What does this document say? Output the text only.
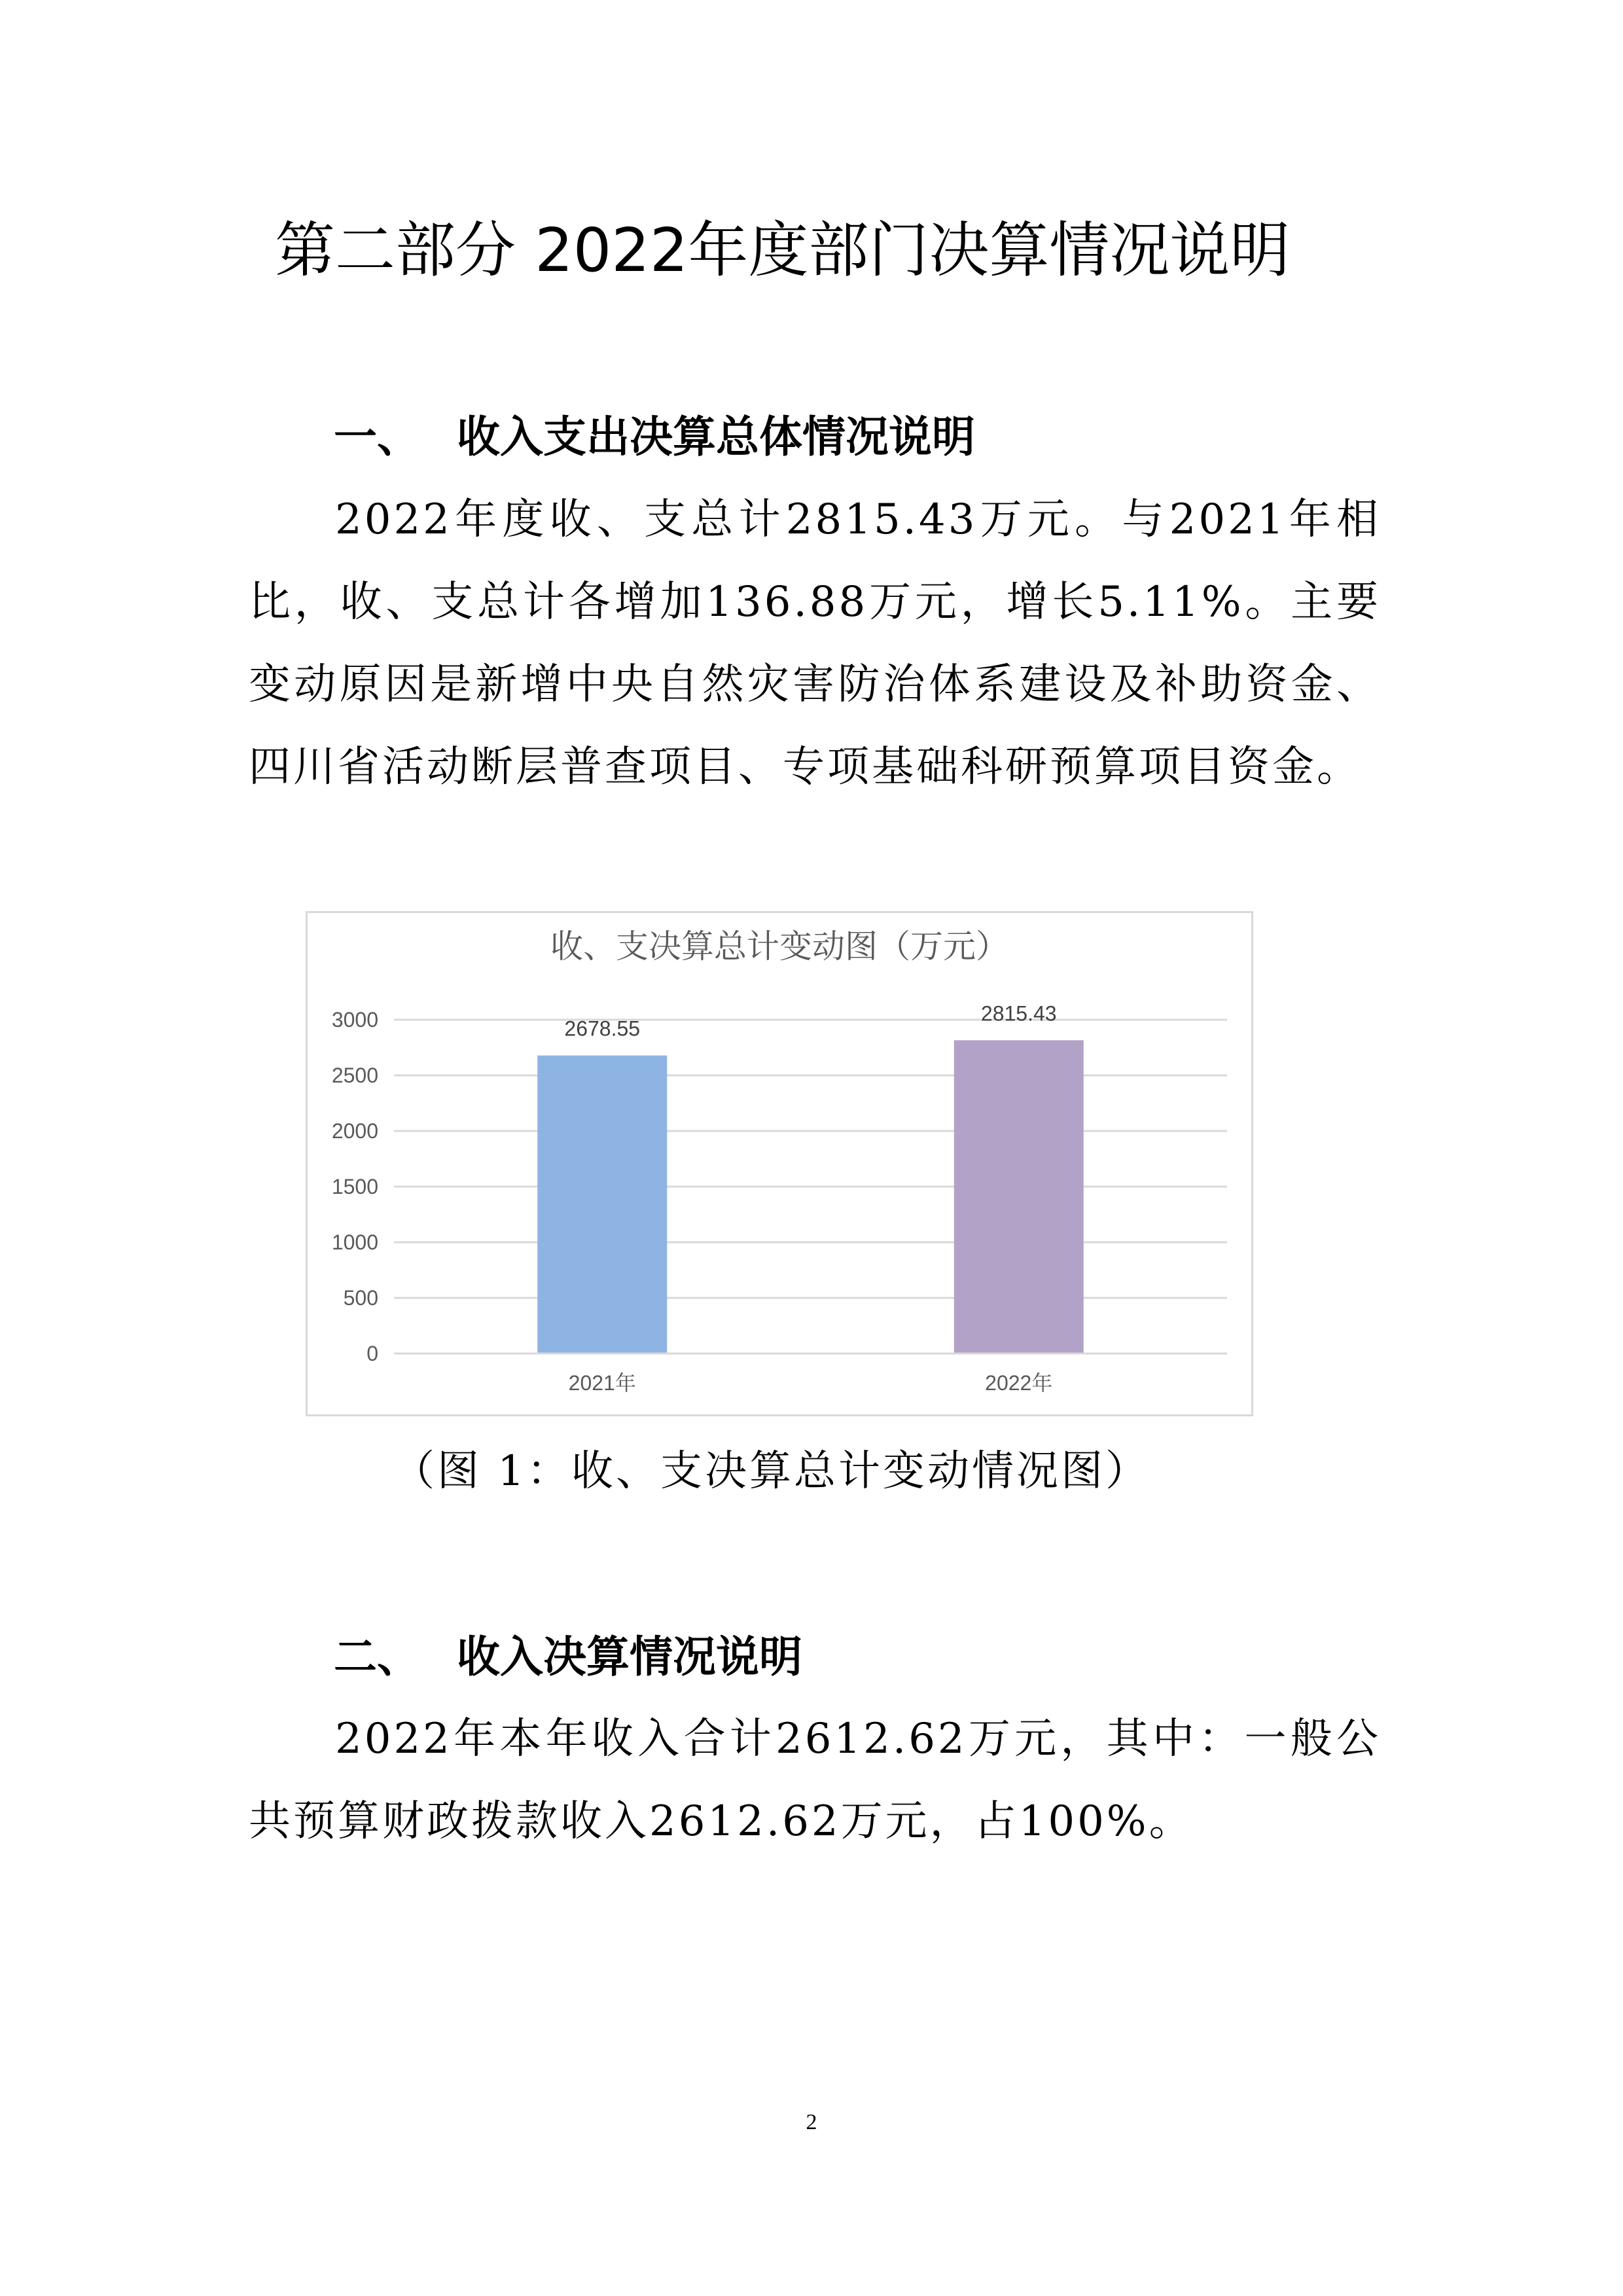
第二部分 2022年度部门决算情况说明
一、 收入支出决算总体情况说明
2022年度收、支总计2815.43万元。与2021年相比，收、支总计各增加136.88万元，增长5.11%。主要变动原因是新增中央自然灾害防治体系建设及补助资金、四川省活动断层普查项目、专项基础科研预算项目资金。
收、支决算总计变动图（万元）
0
500
1000
1500
2000
2500
3000	2678.55
2815.43
2021年	2022年
（图 1：收、支决算总计变动情况图）
二、 收入决算情况说明
2022年本年收入合计2612.62万元，其中：一般公共预算财政拨款收入2612.62万元，占100%。
2
